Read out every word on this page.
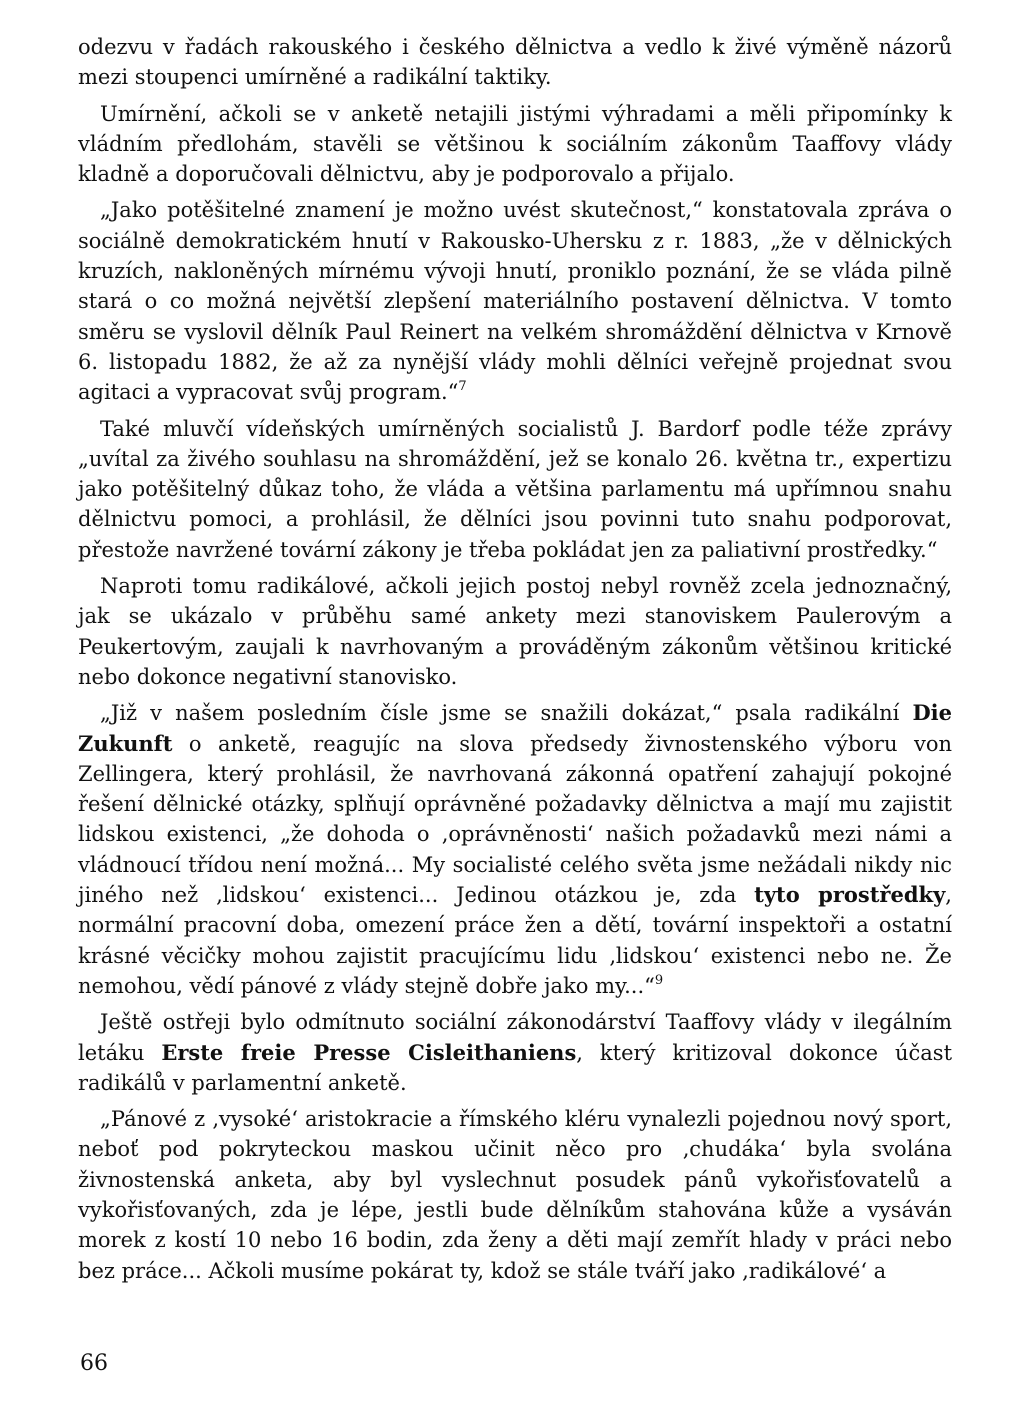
odezvu v řadách rakouského i českého dělnictva a vedlo k živé výměně názorů mezi stoupenci umírněné a radikální taktiky.

Umírnění, ačkoli se v anketě netajili jistými výhradami a měli připomínky k vládním předlohám, stavěli se většinou k sociálním zákonům Taaffovy vlády kladně a doporučovali dělnictvu, aby je podporovalo a přijalo.

„Jako potěšitelné znamení je možno uvést skutečnost,“ konstatovala zpráva o sociálně demokratickém hnutí v Rakousko-Uhersku z r. 1883, „že v dělnických kruzích, nakloněných mírnému vývoji hnutí, proniklo poznání, že se vláda pilně stará o co možná největší zlepšení materiálního postavení dělnictva. V tomto směru se vyslovil dělník Paul Reinert na velkém shromáždění dělnictva v Krnově 6. listopadu 1882, že až za nynější vlády mohli dělníci veřejně projednat svou agitaci a vypracovat svůj program.“$^7$

Také mluvčí vídeňských umírněných socialistů J. Bardorf podle téže zprávy „uvítal za živého souhlasu na shromáždění, jež se konalo 26. května tr., expertizu jako potěšitelný důkaz toho, že vláda a většina parlamentu má upřímnou snahu dělnictvu pomoci, a prohlásil, že dělníci jsou povinni tuto snahu podporovat, přestože navržené tovární zákony je třeba pokládat jen za paliativní prostředky.“

Naproti tomu radikálové, ačkoli jejich postoj nebyl rovněž zcela jednoznačný, jak se ukázalo v průběhu samé ankety mezi stanoviskem Paulerovým a Peukertovým, zaujali k navrhovaným a prováděným zákonům většinou kritické nebo dokonce negativní stanovisko.

„Již v našem posledním čísle jsme se snažili dokázat,“ psala radikální Die Zukunft o anketě, reagujíc na slova předsedy živnostenského výboru von Zellingera, který prohlásil, že navrhovaná zákonná opatření zahajují pokojné řešení dělnické otázky, splňují oprávněné požadavky dělnictva a mají mu zajistit lidskou existenci, „že dohoda o ‚oprávněnosti‘ našich požadavků mezi námi a vládnoucí třídou není možná... My socialisté celého světa jsme nežádali nikdy nic jiného než ‚lidskou‘ existenci... Jedinou otázkou je, zda tyto prostředky, normální pracovní doba, omezení práce žen a dětí, tovární inspektoři a ostatní krásné věcičky mohou zajistit pracujícímu lidu ‚lidskou‘ existenci nebo ne. Že nemohou, vědí pánové z vlády stejně dobře jako my...“$^9$

Ještě ostřeji bylo odmítnuto sociální zákonodárství Taaffovy vlády v ilegálním letáku Erste freie Presse Cisleithaniens, který kritizoval dokonce účast radikálů v parlamentní anketě.

„Pánové z ‚vysoké‘ aristokracie a římského kléru vynalezli pojednou nový sport, neboť pod pokryteckou maskou učinit něco pro ‚chudáka‘ byla svolána živnostenská anketa, aby byl vyslechnut posudek pánů vykořisťovatelů a vykořisťovaných, zda je lépe, jestli bude dělníkům stahována kůže a vysáván morek z kostí 10 nebo 16 bodin, zda ženy a děti mají zemřít hlady v práci nebo bez práce... Ačkoli musíme pokárat ty, kdož se stále tváří jako ‚radikálové‘ a

66
